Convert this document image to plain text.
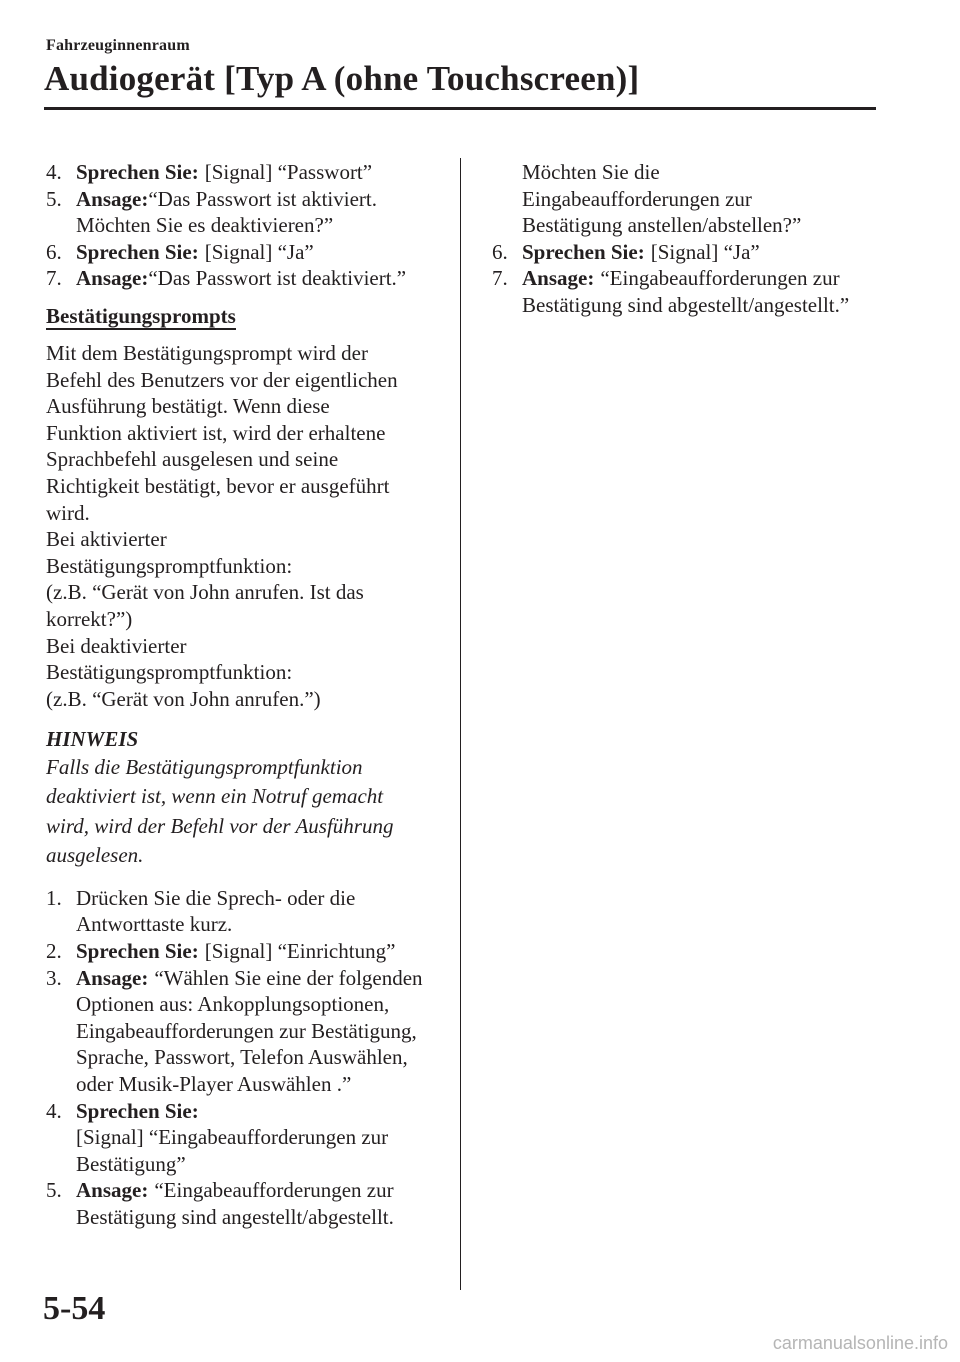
Fahrzeuginnenraum
Audiogerät [Typ A (ohne Touchscreen)]
4. Sprechen Sie: [Signal] “Passwort”
5. Ansage:“Das Passwort ist aktiviert. Möchten Sie es deaktivieren?”
6. Sprechen Sie: [Signal] “Ja”
7. Ansage:“Das Passwort ist deaktiviert.”
Bestätigungsprompts
Mit dem Bestätigungsprompt wird der
Befehl des Benutzers vor der eigentlichen
Ausführung bestätigt. Wenn diese
Funktion aktiviert ist, wird der erhaltene
Sprachbefehl ausgelesen und seine
Richtigkeit bestätigt, bevor er ausgeführt
wird.
Bei aktivierter
Bestätigungspromptfunktion:
(z.B. “Gerät von John anrufen. Ist das
korrekt?”)
Bei deaktivierter
Bestätigungspromptfunktion:
(z.B. “Gerät von John anrufen.”)
HINWEIS
Falls die Bestätigungspromptfunktion
deaktiviert ist, wenn ein Notruf gemacht
wird, wird der Befehl vor der Ausführung
ausgelesen.
1. Drücken Sie die Sprech- oder die Antworttaste kurz.
2. Sprechen Sie: [Signal] “Einrichtung”
3. Ansage: “Wählen Sie eine der folgenden Optionen aus: Ankopplungsoptionen, Eingabeaufforderungen zur Bestätigung, Sprache, Passwort, Telefon Auswählen, oder Musik-Player Auswählen .”
4. Sprechen Sie:
[Signal] “Eingabeaufforderungen zur Bestätigung”
5. Ansage: “Eingabeaufforderungen zur Bestätigung sind angestellt/abgestellt.
Möchten Sie die
Eingabeaufforderungen zur
Bestätigung anstellen/abstellen?”
6. Sprechen Sie: [Signal] “Ja”
7. Ansage: “Eingabeaufforderungen zur Bestätigung sind abgestellt/angestellt.”
5-54
carmanualsonline.info
